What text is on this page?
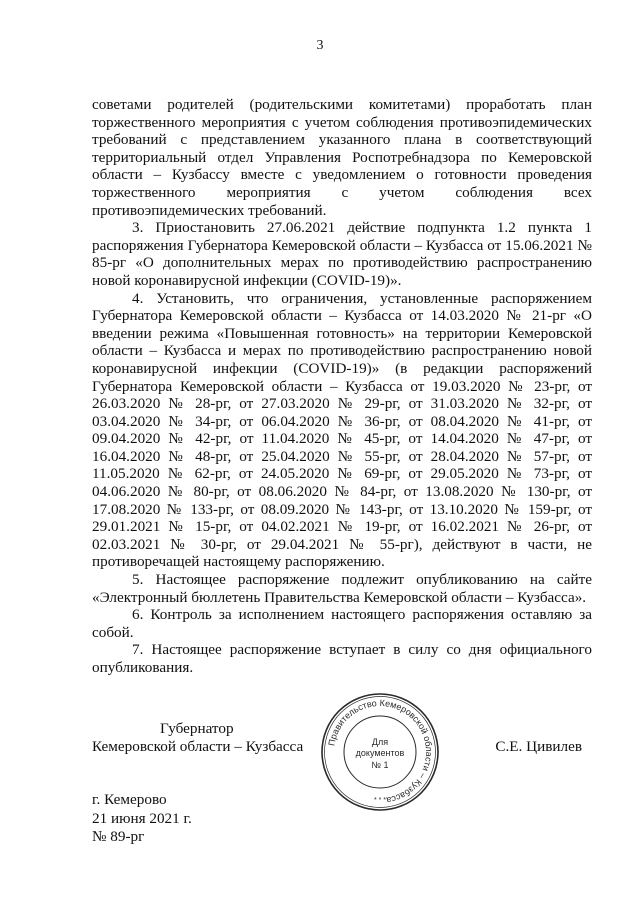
3

советами родителей (родительскими комитетами) проработать план торжественного мероприятия с учетом соблюдения противоэпидемических требований с представлением указанного плана в соответствующий территориальный отдел Управления Роспотребнадзора по Кемеровской области – Кузбассу вместе с уведомлением о готовности проведения торжественного мероприятия с учетом соблюдения всех противоэпидемических требований.

3. Приостановить 27.06.2021 действие подпункта 1.2 пункта 1 распоряжения Губернатора Кемеровской области – Кузбасса от 15.06.2021 № 85-рг «О дополнительных мерах по противодействию распространению новой коронавирусной инфекции (COVID-19)».

4. Установить, что ограничения, установленные распоряжением Губернатора Кемеровской области – Кузбасса от 14.03.2020 № 21-рг «О введении режима «Повышенная готовность» на территории Кемеровской области – Кузбасса и мерах по противодействию распространению новой коронавирусной инфекции (COVID-19)» (в редакции распоряжений Губернатора Кемеровской области – Кузбасса от 19.03.2020 № 23-рг, от 26.03.2020 № 28-рг, от 27.03.2020 № 29-рг, от 31.03.2020 № 32-рг, от 03.04.2020 № 34-рг, от 06.04.2020 № 36-рг, от 08.04.2020 № 41-рг, от 09.04.2020 № 42-рг, от 11.04.2020 № 45-рг, от 14.04.2020 № 47-рг, от 16.04.2020 № 48-рг, от 25.04.2020 № 55-рг, от 28.04.2020 № 57-рг, от 11.05.2020 № 62-рг, от 24.05.2020 № 69-рг, от 29.05.2020 № 73-рг, от 04.06.2020 № 80-рг, от 08.06.2020 № 84-рг, от 13.08.2020 № 130-рг, от 17.08.2020 № 133-рг, от 08.09.2020 № 143-рг, от 13.10.2020 № 159-рг, от 29.01.2021 № 15-рг, от 04.02.2021 № 19-рг, от 16.02.2021 № 26-рг, от 02.03.2021 № 30-рг, от 29.04.2021 № 55-рг), действуют в части, не противоречащей настоящему распоряжению.

5. Настоящее распоряжение подлежит опубликованию на сайте «Электронный бюллетень Правительства Кемеровской области – Кузбасса».

6. Контроль за исполнением настоящего распоряжения оставляю за собой.

7. Настоящее распоряжение вступает в силу со дня официального опубликования.

Губернатор
Кемеровской области – Кузбасса	С.Е. Цивилев
Правительство Кемеровской области – Кузбасса
Для
документов
№ 1
* * *
г. Кемерово
21 июня 2021 г.
№ 89-рг
